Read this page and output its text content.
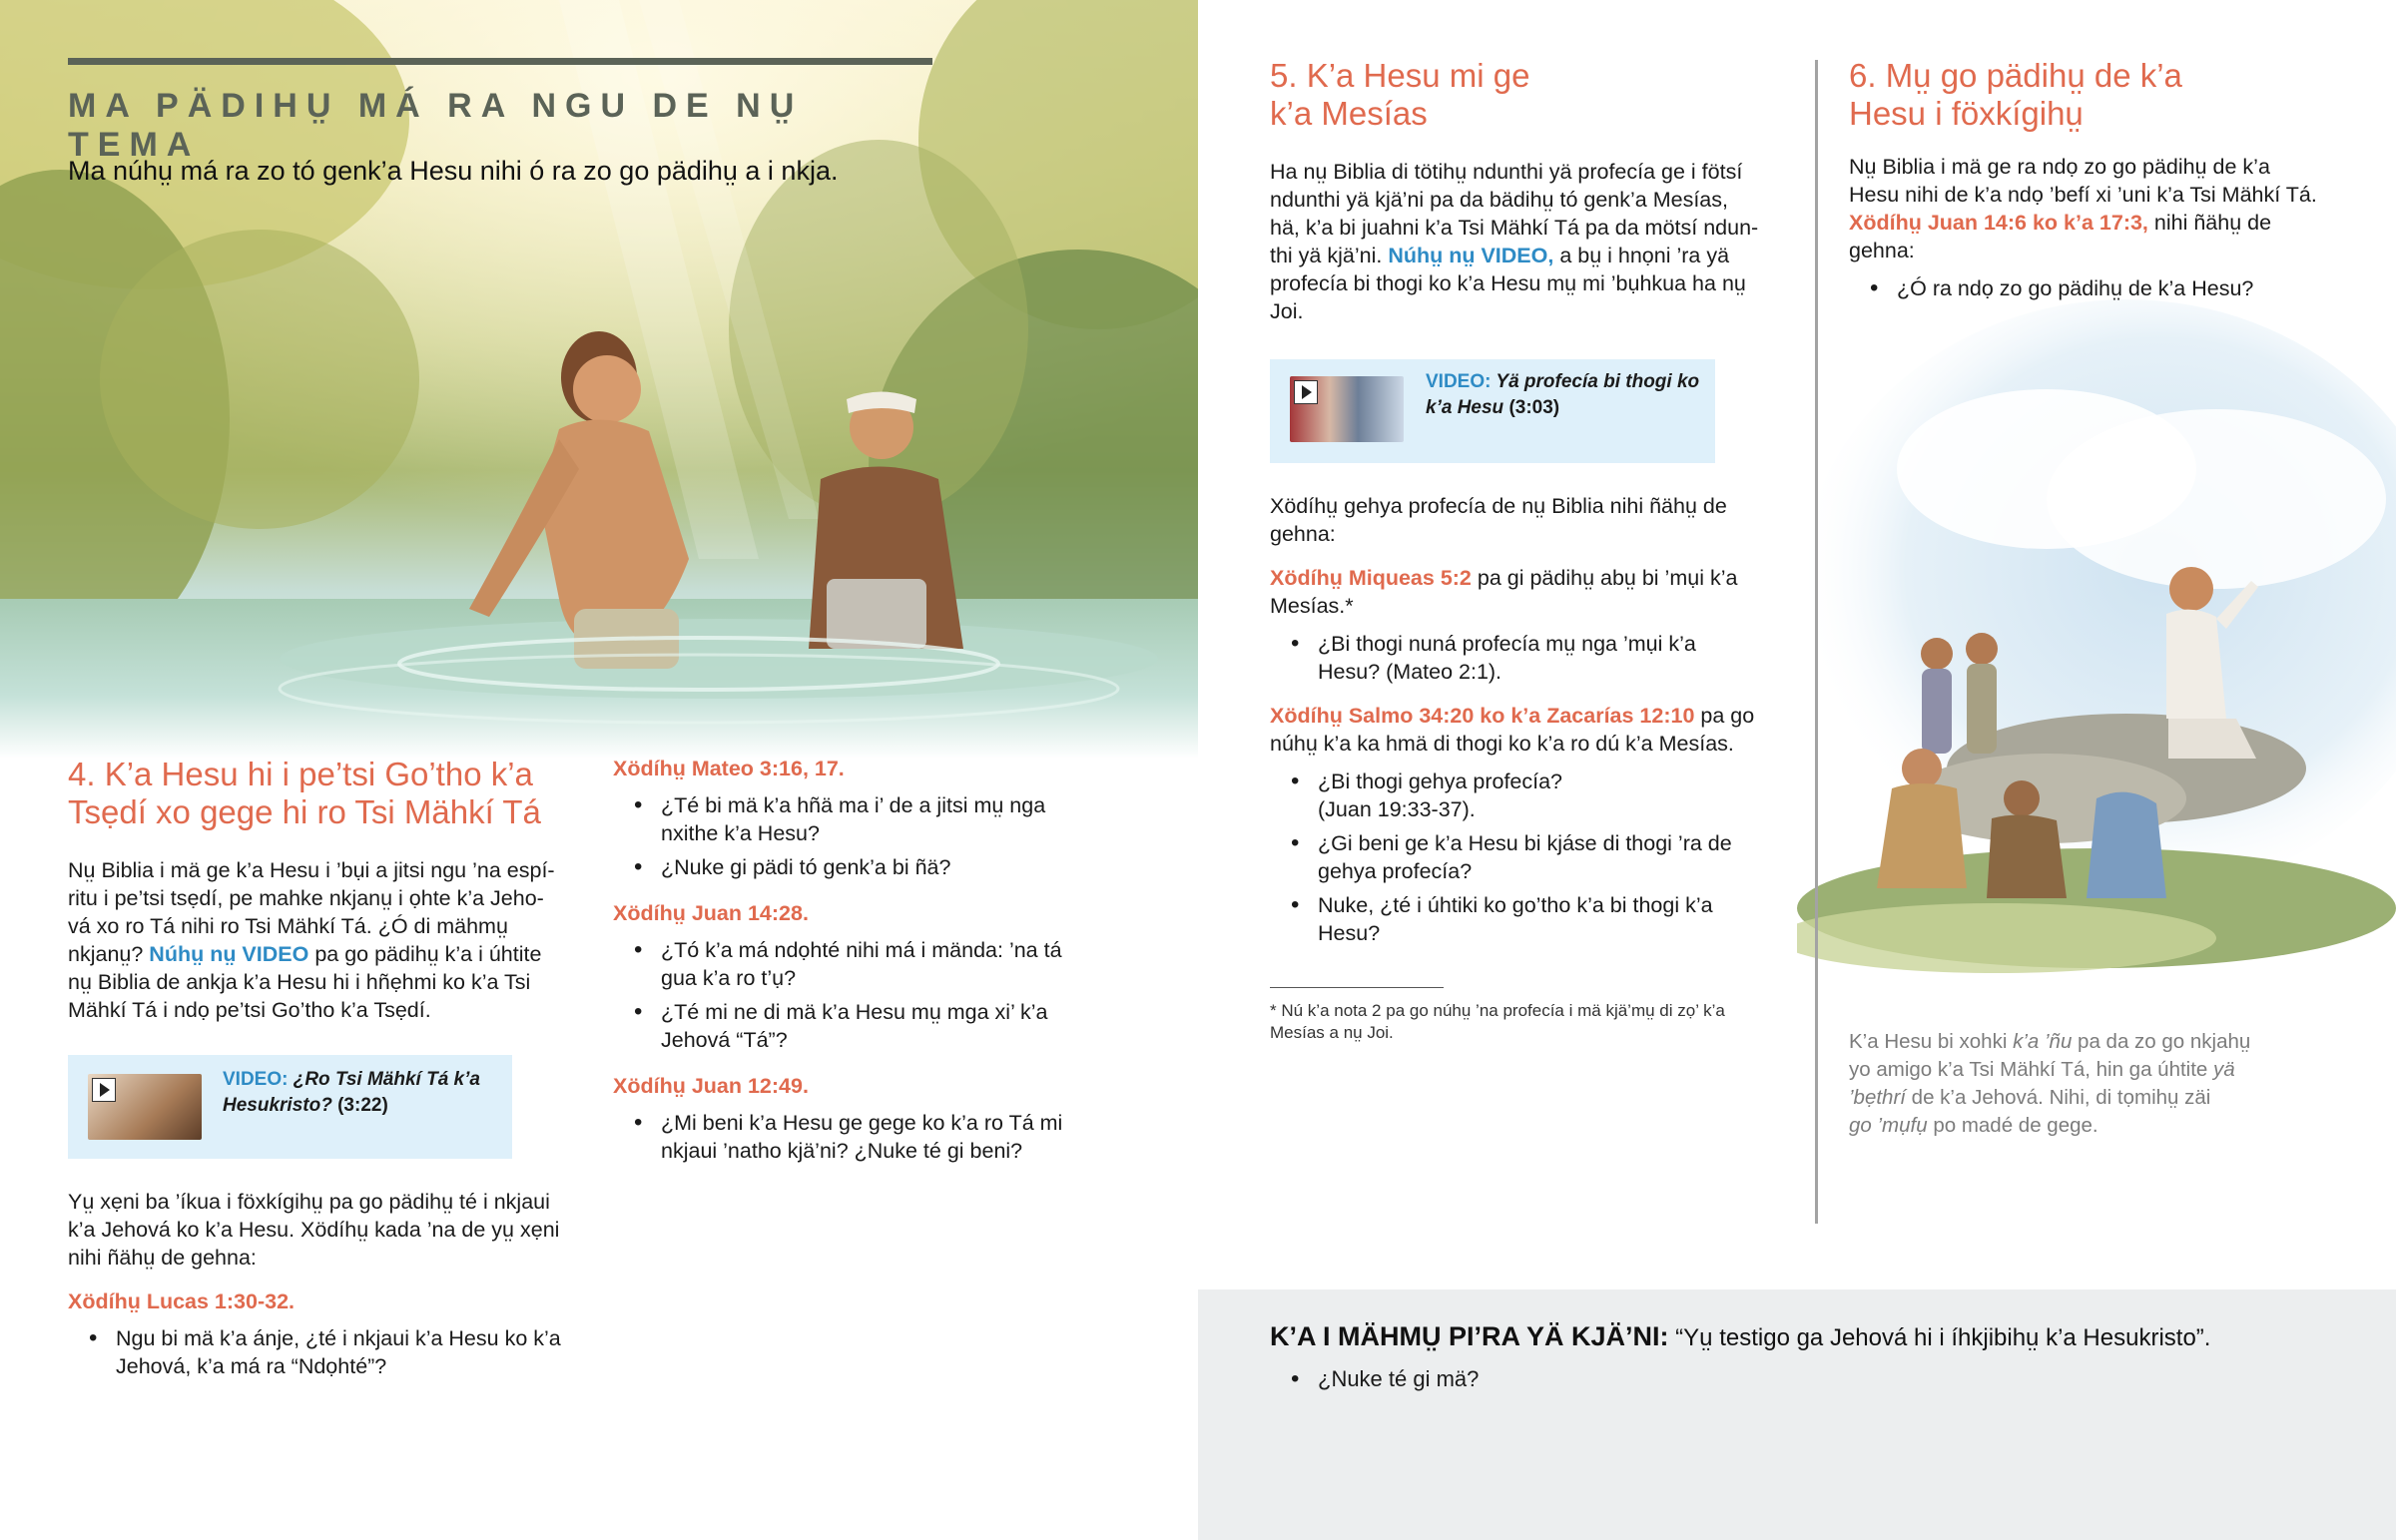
MA PÄDIHṲ MÁ RA NGU DE NṲ TEMA
Ma núhṳ má ra zo tó genk’a Hesu nihi ó ra zo go pädihṳ a i nkja.
4. K’a Hesu hi i pe’tsi Go’tho k’a
Tsẹdí xo gege hi ro Tsi Mähkí Tá
Nṳ Biblia i mä ge k’a Hesu i ’bụi a jitsi ngu ’na espí-
ritu i pe’tsi tsẹdí, pe mahke nkjanṳ i ọhte k’a Jeho-
vá xo ro Tá nihi ro Tsi Mähkí Tá. ¿Ó di mähmṳ
nkjanṳ? Núhṳ nṳ VIDEO pa go pädihṳ k’a i úhtite
nṳ Biblia de ankja k’a Hesu hi i hñẹhmi ko k’a Tsi
Mähkí Tá i ndọ pe’tsi Go’tho k’a Tsẹdí.
VIDEO: ¿Ro Tsi Mähkí Tá k’a
Hesukristo? (3:22)
Yṳ xẹni ba ’íkua i föxkígihṳ pa go pädihṳ té i nkjaui
k’a Jehová ko k’a Hesu. Xödíhṳ kada ’na de yṳ xẹni
nihi ñähṳ de gehna:
Xödíhṳ Lucas 1:30-32.
• Ngu bi mä k’a ánje, ¿té i nkjaui k’a Hesu ko k’a
Jehová, k’a má ra “Ndọhté”?
Xödíhṳ Mateo 3:16, 17.
• ¿Té bi mä k’a hñä ma i’ de a jitsi mṳ nga
nxithe k’a Hesu?
• ¿Nuke gi pädi tó genk’a bi ñä?
Xödíhṳ Juan 14:28.
• ¿Tó k’a má ndọhté nihi má i mända: ’na tá
gua k’a ro t’ụ?
• ¿Té mi ne di mä k’a Hesu mṳ mga xi’ k’a
Jehová “Tá”?
Xödíhṳ Juan 12:49.
• ¿Mi beni k’a Hesu ge gege ko k’a ro Tá mi
nkjaui ’natho kjä’ni? ¿Nuke té gi beni?
5. K’a Hesu mi ge
k’a Mesías
Ha nṳ Biblia di tötihṳ ndunthi yä profecía ge i fötsí
ndunthi yä kjä’ni pa da bädihṳ tó genk’a Mesías,
hä, k’a bi juahni k’a Tsi Mähkí Tá pa da mötsí ndun-
thi yä kjä’ni. Núhṳ nṳ VIDEO, a bṳ i hnọni ’ra yä
profecía bi thogi ko k’a Hesu mṳ mi ’bụhkua ha nṳ
Joi.
VIDEO: Yä profecía bi thogi ko
k’a Hesu (3:03)
Xödíhṳ gehya profecía de nṳ Biblia nihi ñähṳ de
gehna:
Xödíhṳ Miqueas 5:2 pa gi pädihṳ abṳ bi ’mụi k’a
Mesías.*
• ¿Bi thogi nuná profecía mṳ nga ’mụi k’a
Hesu? (Mateo 2:1).
Xödíhṳ Salmo 34:20 ko k’a Zacarías 12:10 pa go
núhṳ k’a ka hmä di thogi ko k’a ro dú k’a Mesías.
• ¿Bi thogi gehya profecía?
(Juan 19:33-37).
• ¿Gi beni ge k’a Hesu bi kjáse di thogi ’ra de
gehya profecía?
• Nuke, ¿té i úhtiki ko go’tho k’a bi thogi k’a
Hesu?
* Nú k’a nota 2 pa go núhṳ ’na profecía i mä kjä’mṳ di zọ’ k’a
Mesías a nṳ Joi.
6. Mṳ go pädihṳ de k’a
Hesu i föxkígihṳ
Nṳ Biblia i mä ge ra ndọ zo go pädihṳ de k’a
Hesu nihi de k’a ndọ ’befí xi ’uni k’a Tsi Mähkí Tá.
Xödíhṳ Juan 14:6 ko k’a 17:3, nihi ñähṳ de
gehna:
• ¿Ó ra ndọ zo go pädihṳ de k’a Hesu?
K’a Hesu bi xohki k’a ’ñu pa da zo go nkjahṳ
yo amigo k’a Tsi Mähkí Tá, hin ga úhtite yä
’bẹthrí de k’a Jehová. Nihi, di tọmihṳ zäi
go ’mụfụ po madé de gege.
K’A I MÄHMṲ PI’RA YÄ KJÄ’NI: “Yṳ testigo ga Jehová hi i íhkjibihṳ k’a Hesukristo”.
• ¿Nuke té gi mä?
